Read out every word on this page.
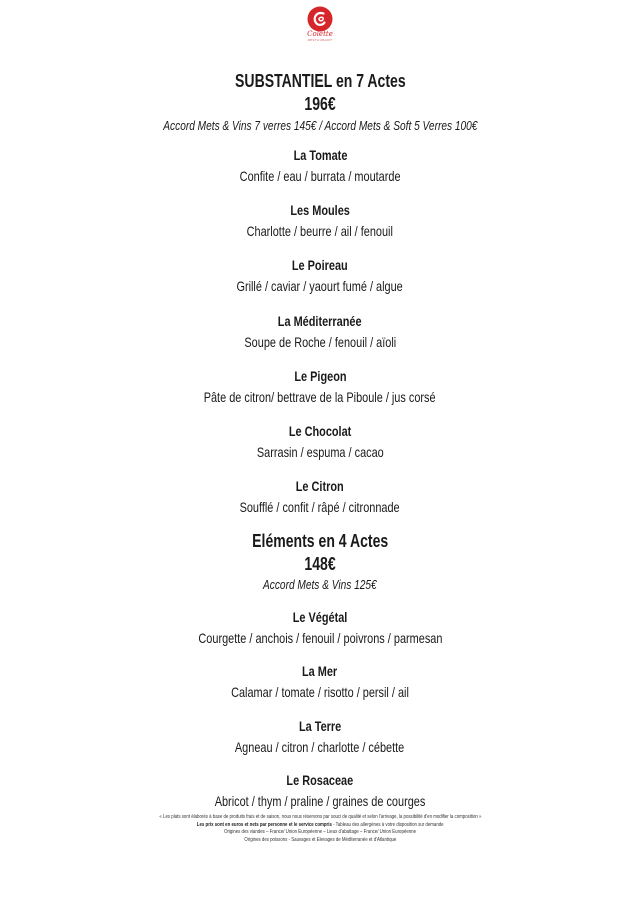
Colette
RESTAURANT
SUBSTANTIEL en 7 Actes
196€
Accord Mets & Vins 7 verres 145€ / Accord Mets & Soft 5 Verres 100€
La Tomate
Confite / eau / burrata / moutarde
Les Moules
Charlotte / beurre / ail / fenouil
Le Poireau
Grillé / caviar / yaourt fumé / algue
La Méditerranée
Soupe de Roche / fenouil / aïoli
Le Pigeon
Pâte de citron/ bettrave de la Piboule / jus corsé
Le Chocolat
Sarrasin / espuma / cacao
Le Citron
Soufflé / confit / râpé / citronnade
Eléments en 4 Actes
148€
Accord Mets & Vins 125€
Le Végétal
Courgette / anchois / fenouil / poivrons / parmesan
La Mer
Calamar / tomate / risotto / persil / ail
La Terre
Agneau / citron / charlotte / cébette
Le Rosaceae
Abricot / thym / praline / graines de courges
« Les plats sont élaborés à base de produits frais et de saison, nous nous réservons par souci de qualité et selon l'arrivage, la possibilité d'en modifier la composition »
Les prix sont en euros et nets par personne et le service compris - Tableau des allergènes à votre disposition sur demande
Origines des viandes – France/ Union Européenne – Lieux d'abattage – France/ Union Européenne
Origines des poissons - Sauvages et Elevages de Méditerranée et d'Atlantique
